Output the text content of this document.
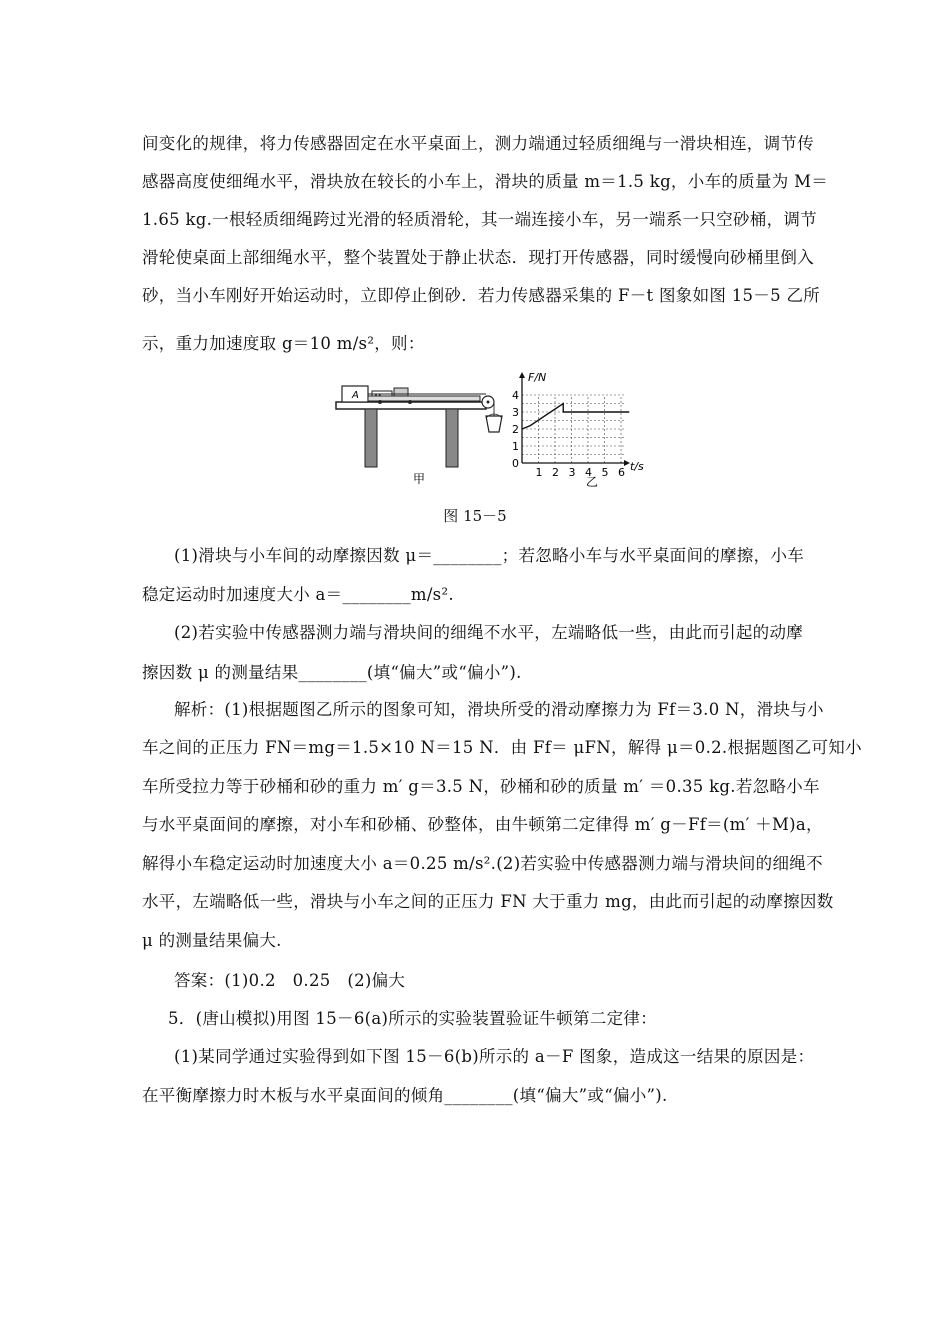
间变化的规律，将力传感器固定在水平桌面上，测力端通过轻质细绳与一滑块相连，调节传
感器高度使细绳水平，滑块放在较长的小车上，滑块的质量 m＝1.5 kg，小车的质量为 M＝
1.65 kg.一根轻质细绳跨过光滑的轻质滑轮，其一端连接小车，另一端系一只空砂桶，调节
滑轮使桌面上部细绳水平，整个装置处于静止状态．现打开传感器，同时缓慢向砂桶里倒入
砂，当小车刚好开始运动时，立即停止倒砂．若力传感器采集的 F－t 图象如图 15－5 乙所
示，重力加速度取 g＝10 m/s²，则：
A
甲
F/N
t/s
0
1 2 3 4 5 6
1
2
3
4
乙
图 15－5
(1)滑块与小车间的动摩擦因数 μ＝________；若忽略小车与水平桌面间的摩擦，小车
稳定运动时加速度大小 a＝________m/s².
(2)若实验中传感器测力端与滑块间的细绳不水平，左端略低一些，由此而引起的动摩
擦因数 μ 的测量结果________(填“偏大”或“偏小”).
解析：(1)根据题图乙所示的图象可知，滑块所受的滑动摩擦力为 Ff＝3.0 N，滑块与小
车之间的正压力 FN＝mg＝1.5×10 N＝15 N．由 Ff＝ μFN，解得 μ＝0.2.根据题图乙可知小
车所受拉力等于砂桶和砂的重力 m′ g＝3.5 N，砂桶和砂的质量 m′ ＝0.35 kg.若忽略小车
与水平桌面间的摩擦，对小车和砂桶、砂整体，由牛顿第二定律得 m′ g－Ff＝(m′ ＋M)a，
解得小车稳定运动时加速度大小 a＝0.25 m/s².(2)若实验中传感器测力端与滑块间的细绳不
水平，左端略低一些，滑块与小车之间的正压力 FN 大于重力 mg，由此而引起的动摩擦因数
μ 的测量结果偏大.
答案：(1)0.2　0.25　(2)偏大
5．(唐山模拟)用图 15－6(a)所示的实验装置验证牛顿第二定律：
(1)某同学通过实验得到如下图 15－6(b)所示的 a－F 图象，造成这一结果的原因是：
在平衡摩擦力时木板与水平桌面间的倾角________(填“偏大”或“偏小”).
